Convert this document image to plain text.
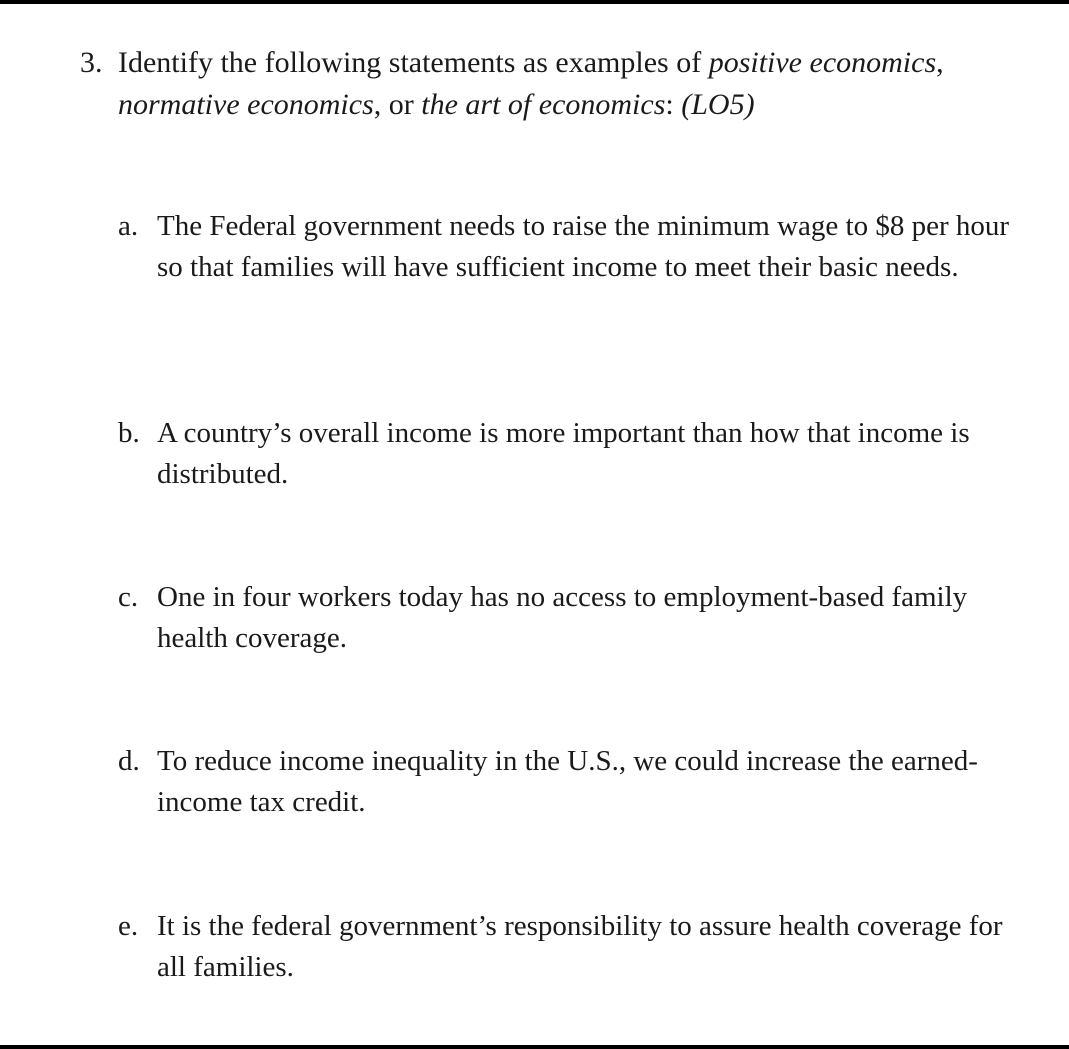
3. Identify the following statements as examples of positive economics, normative economics, or the art of economics: (LO5)
a. The Federal government needs to raise the minimum wage to $8 per hour so that families will have sufficient income to meet their basic needs.
b. A country’s overall income is more important than how that income is distributed.
c. One in four workers today has no access to employment-based family health coverage.
d. To reduce income inequality in the U.S., we could increase the earned-income tax credit.
e. It is the federal government’s responsibility to assure health coverage for all families.
